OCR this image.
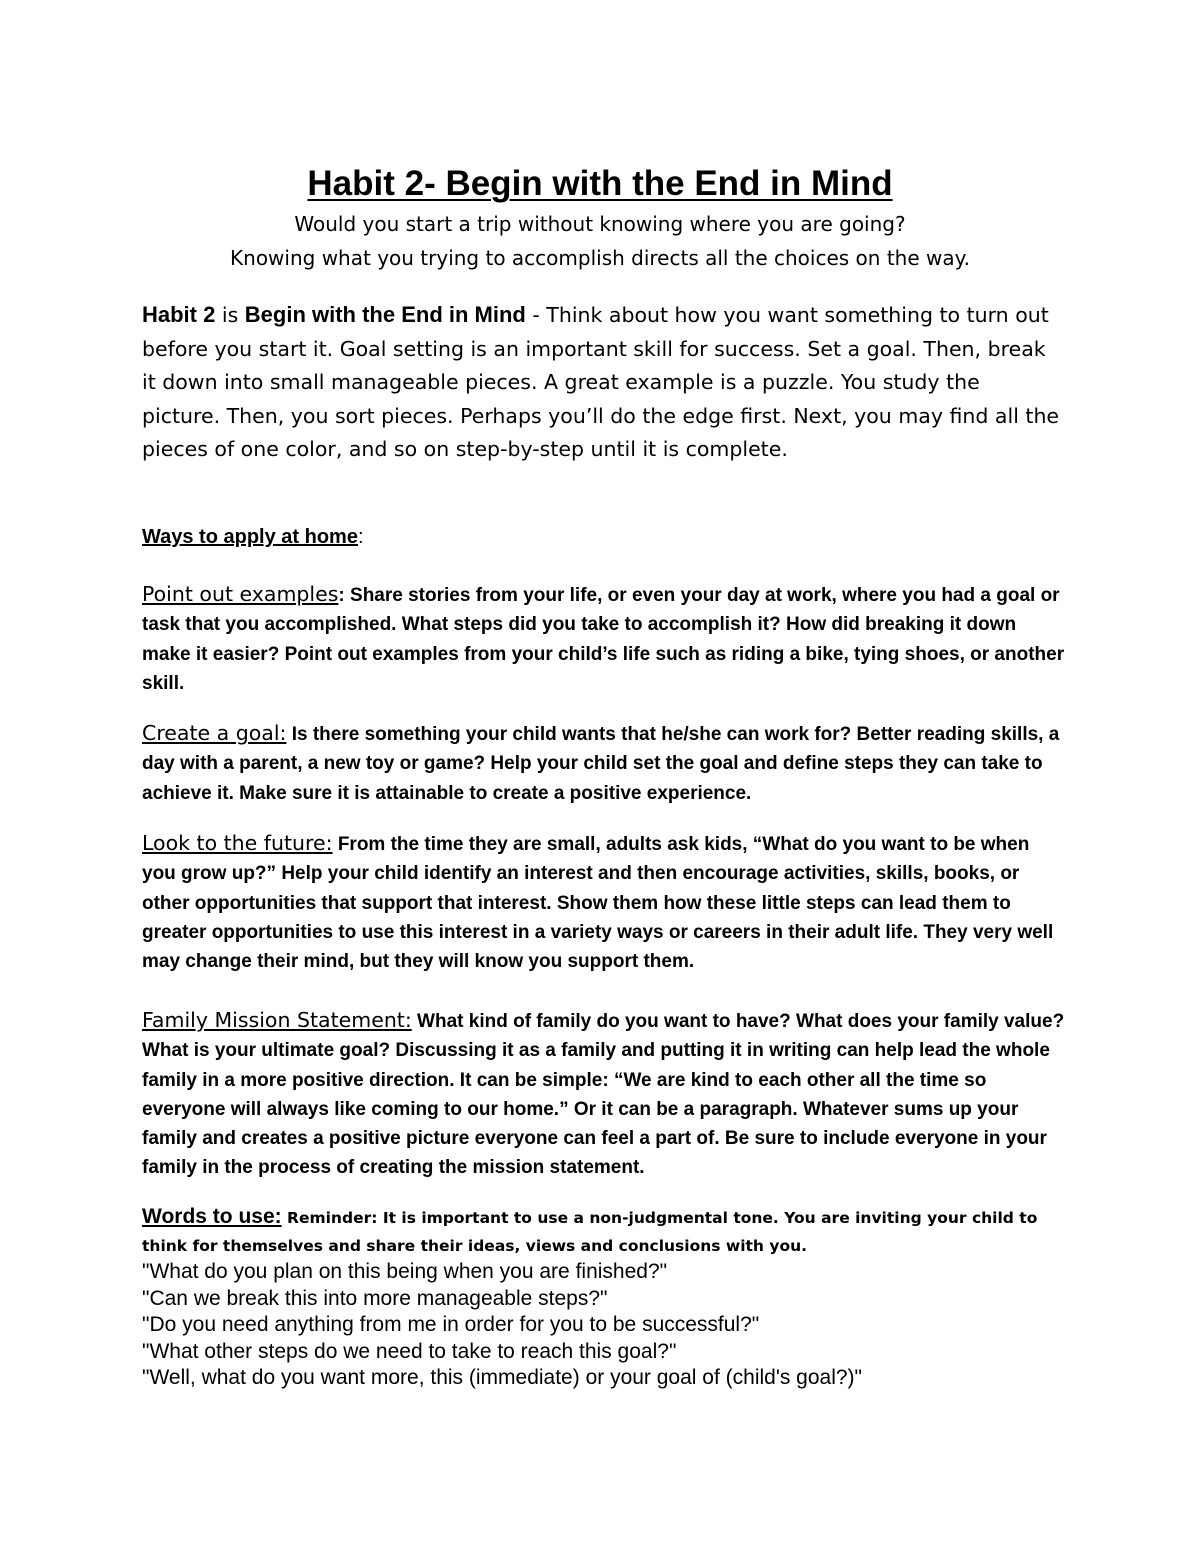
Habit 2- Begin with the End in Mind

Would you start a trip without knowing where you are going?

Knowing what you trying to accomplish directs all the choices on the way.

Habit 2 is Begin with the End in Mind - Think about how you want something to turn out before you start it. Goal setting is an important skill for success. Set a goal. Then, break it down into small manageable pieces. A great example is a puzzle. You study the picture. Then, you sort pieces. Perhaps you’ll do the edge first. Next, you may find all the pieces of one color, and so on step-by-step until it is complete.

Ways to apply at home:

Point out examples: Share stories from your life, or even your day at work, where you had a goal or task that you accomplished. What steps did you take to accomplish it? How did breaking it down make it easier? Point out examples from your child’s life such as riding a bike, tying shoes, or another skill.

Create a goal: Is there something your child wants that he/she can work for? Better reading skills, a day with a parent, a new toy or game? Help your child set the goal and define steps they can take to achieve it. Make sure it is attainable to create a positive experience.

Look to the future: From the time they are small, adults ask kids, “What do you want to be when you grow up?” Help your child identify an interest and then encourage activities, skills, books, or other opportunities that support that interest. Show them how these little steps can lead them to greater opportunities to use this interest in a variety ways or careers in their adult life. They very well may change their mind, but they will know you support them.

Family Mission Statement: What kind of family do you want to have? What does your family value? What is your ultimate goal? Discussing it as a family and putting it in writing can help lead the whole family in a more positive direction. It can be simple: “We are kind to each other all the time so everyone will always like coming to our home.” Or it can be a paragraph. Whatever sums up your family and creates a positive picture everyone can feel a part of. Be sure to include everyone in your family in the process of creating the mission statement.

Words to use: Reminder: It is important to use a non-judgmental tone. You are inviting your child to think for themselves and share their ideas, views and conclusions with you.

"What do you plan on this being when you are finished?"
"Can we break this into more manageable steps?"
"Do you need anything from me in order for you to be successful?"
"What other steps do we need to take to reach this goal?"
"Well, what do you want more, this (immediate) or your goal of (child's goal?)"
